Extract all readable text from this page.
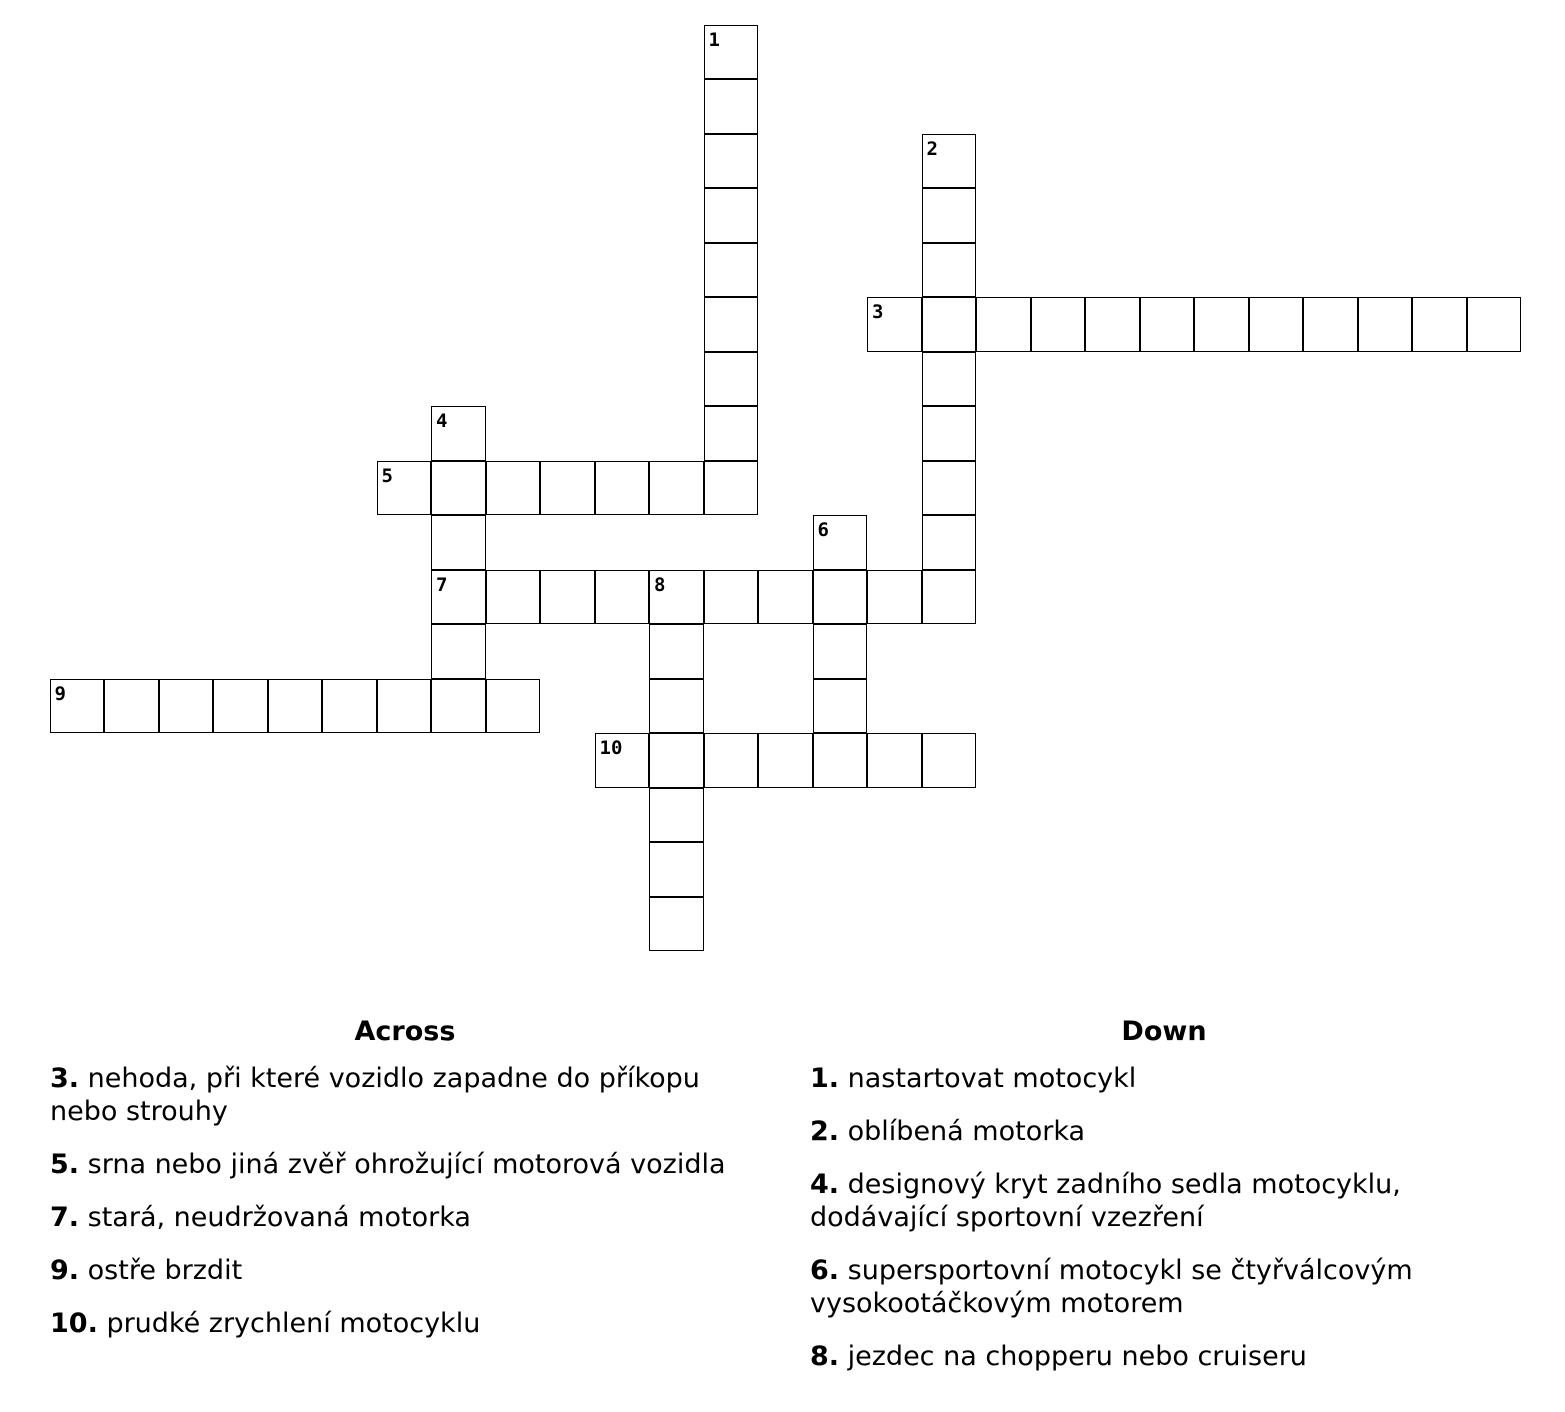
1
2
3
4
7
5
6
8
9
10
Across
3. nehoda, při které vozidlo zapadne do příkopu nebo strouhy
5. srna nebo jiná zvěř ohrožující motorová vozidla
7. stará, neudržovaná motorka
9. ostře brzdit
10. prudké zrychlení motocyklu
Down
1. nastartovat motocykl
2. oblíbená motorka
4. designový kryt zadního sedla motocyklu, dodávající sportovní vzezření
6. supersportovní motocykl se čtyřválcovým vysokootáčkovým motorem
8. jezdec na chopperu nebo cruiseru
